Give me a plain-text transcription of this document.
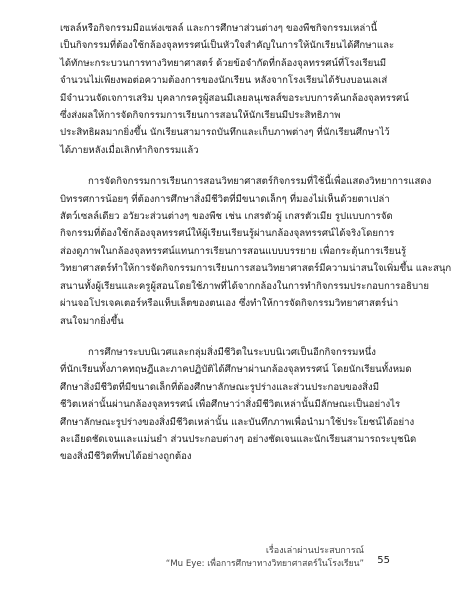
เซลล์หรือกิจกรรมมือแห่งเซลล์ และการศึกษาส่วนต่างๆ ของพืชกิจกรรมเหล่านี้
เป็นกิจกรรมที่ต้องใช้กล้องจุลทรรศน์เป็นหัวใจสำคัญในการให้นักเรียนได้ศึกษาและ
ได้ทักษะกระบวนการทางวิทยาศาสตร์ ด้วยข้อจำกัดที่กล้องจุลทรรศน์ที่โรงเรียนมี
จำนวนไม่เพียงพอต่อความต้องการของนักเรียน หลังจากโรงเรียนได้รับงบอนเลเส่
มีจำนวนจัดเจการเสริม บุคลากรครูผู้สอนมีเลยลนุเซลส์ขอระบบการค้นกล้องจุลทรรศน์
ซึ่งส่งผลให้การจัดกิจกรรมการเรียนการสอนให้นักเรียนมีประสิทธิภาพ
ประสิทธิผลมากยิ่งขึ้น นักเรียนสามารถบันทึกและเก็บภาพต่างๆ ที่นักเรียนศึกษาไว้
ได้ภายหลังเมื่อเลิกทำกิจกรรมแล้ว
การจัดกิจกรรมการเรียนการสอนวิทยาศาสตร์กิจกรรมที่ใช้นี้เพื่อแสดงวิทยาการแสดง
บิทรรศการน้อยๆ ที่ต้องการศึกษาสิ่งมีชีวิตที่มีขนาดเล็กๆ ที่มองไม่เห็นด้วยตาเปล่า
สัตว์เซลล์เดียว อวัยวะส่วนต่างๆ ของพืช เช่น เกสรตัวผู้ เกสรตัวเมีย รูปแบบการจัด
กิจกรรมที่ต้องใช้กล้องจุลทรรศน์ให้ผู้เรียนเรียนรู้ผ่านกล้องจุลทรรศน์ได้จริงโดยการ
ส่องดูภาพในกล้องจุลทรรศน์แทนการเรียนการสอนแบบบรรยาย เพื่อกระตุ้นการเรียนรู้
วิทยาศาสตร์ทำให้การจัดกิจกรรมการเรียนการสอนวิทยาศาสตร์มีความน่าสนใจเพิ่มขึ้น และสนุก
สนานทั้งผู้เรียนและครูผู้สอนโดยใช้ภาพที่ได้จากกล้องในการทำกิจกรรมประกอบการอธิบาย
ผ่านจอโปรเจคเตอร์หรือแท็บเล็ตของตนเอง ซึ่งทำให้การจัดกิจกรรมวิทยาศาสตร์น่า
สนใจมากยิ่งขึ้น
การศึกษาระบบนิเวศและกลุ่มสิ่งมีชีวิตในระบบนิเวศเป็นอีกกิจกรรมหนึ่ง
ที่นักเรียนทั้งภาคทฤษฎีและภาคปฏิบัติได้ศึกษาผ่านกล้องจุลทรรศน์ โดยนักเรียนทั้งหมด
ศึกษาสิ่งมีชีวิตที่มีขนาดเล็กที่ต้องศึกษาลักษณะรูปร่างและส่วนประกอบของสิ่งมี
ชีวิตเหล่านั้นผ่านกล้องจุลทรรศน์ เพื่อศึกษาว่าสิ่งมีชีวิตเหล่านั้นมีลักษณะเป็นอย่างไร
ศึกษาลักษณะรูปร่างของสิ่งมีชีวิตเหล่านั้น และบันทึกภาพเพื่อนำมาใช้ประโยชน์ได้อย่าง
ละเอียดชัดเจนและแม่นยำ ส่วนประกอบต่างๆ อย่างชัดเจนและนักเรียนสามารถระบุชนิด
ของสิ่งมีชีวิตที่พบได้อย่างถูกต้อง
เรื่องเล่าผ่านประสบการณ์
“Mu Eye: เพื่อการศึกษาทางวิทยาศาสตร์ในโรงเรียน” 55
